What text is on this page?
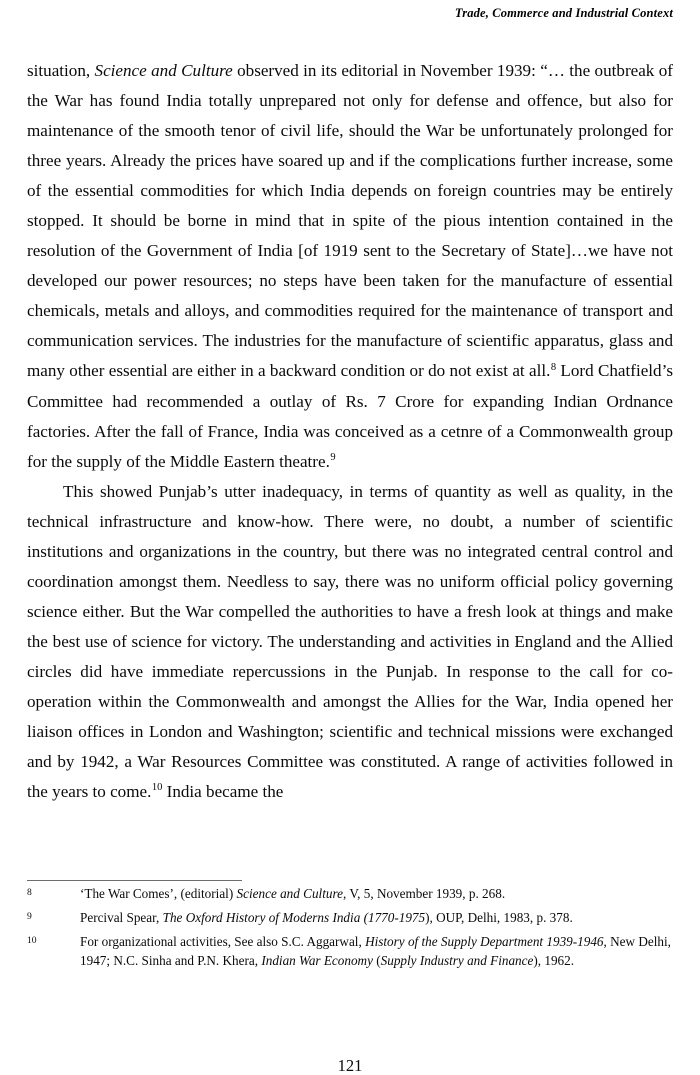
Trade, Commerce and Industrial Context

situation, Science and Culture observed in its editorial in November 1939: “… the outbreak of the War has found India totally unprepared not only for defense and offence, but also for maintenance of the smooth tenor of civil life, should the War be unfortunately prolonged for three years. Already the prices have soared up and if the complications further increase, some of the essential commodities for which India depends on foreign countries may be entirely stopped. It should be borne in mind that in spite of the pious intention contained in the resolution of the Government of India [of 1919 sent to the Secretary of State]…we have not developed our power resources; no steps have been taken for the manufacture of essential chemicals, metals and alloys, and commodities required for the maintenance of transport and communication services. The industries for the manufacture of scientific apparatus, glass and many other essential are either in a backward condition or do not exist at all.$^8$ Lord Chatfield’s Committee had recommended a outlay of Rs. 7 Crore for expanding Indian Ordnance factories. After the fall of France, India was conceived as a cetnre of a Commonwealth group for the supply of the Middle Eastern theatre.$^9$

This showed Punjab’s utter inadequacy, in terms of quantity as well as quality, in the technical infrastructure and know-how. There were, no doubt, a number of scientific institutions and organizations in the country, but there was no integrated central control and coordination amongst them. Needless to say, there was no uniform official policy governing science either. But the War compelled the authorities to have a fresh look at things and make the best use of science for victory. The understanding and activities in England and the Allied circles did have immediate repercussions in the Punjab. In response to the call for co-operation within the Commonwealth and amongst the Allies for the War, India opened her liaison offices in London and Washington; scientific and technical missions were exchanged and by 1942, a War Resources Committee was constituted. A range of activities followed in the years to come.$^{10}$ India became the

8	‘The War Comes’, (editorial) Science and Culture, V, 5, November 1939, p. 268.
9	Percival Spear, The Oxford History of Moderns India (1770-1975), OUP, Delhi, 1983, p. 378.
10	For organizational activities, See also S.C. Aggarwal, History of the Supply Department 1939-1946, New Delhi, 1947; N.C. Sinha and P.N. Khera, Indian War Economy (Supply Industry and Finance), 1962.
121
